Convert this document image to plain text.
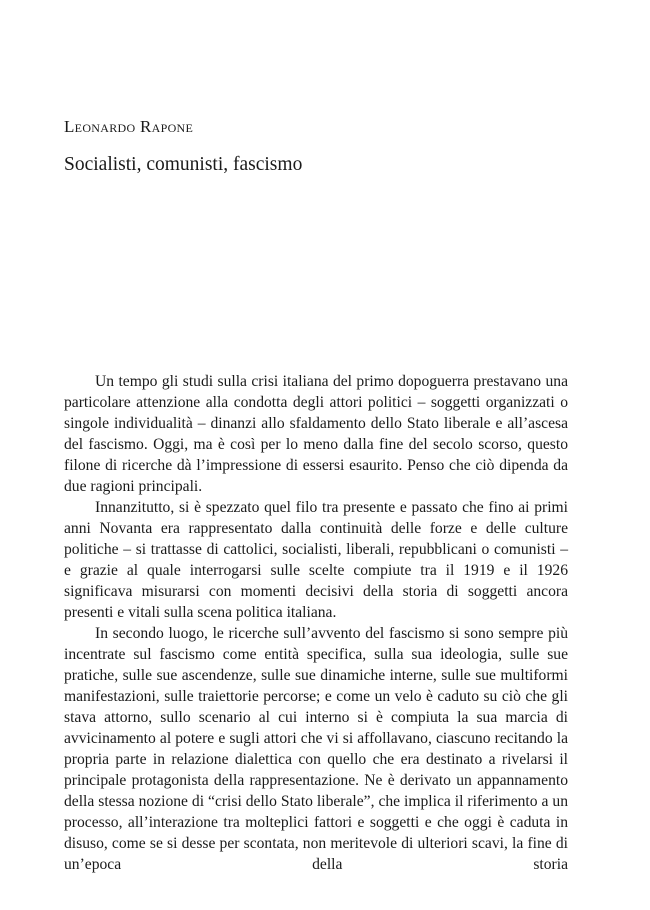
Leonardo Rapone
Socialisti, comunisti, fascismo

Un tempo gli studi sulla crisi italiana del primo dopoguerra prestavano una particolare attenzione alla condotta degli attori politici – soggetti organizzati o singole individualità – dinanzi allo sfaldamento dello Stato liberale e all’ascesa del fascismo. Oggi, ma è così per lo meno dalla fine del secolo scorso, questo filone di ricerche dà l’impressione di essersi esaurito. Penso che ciò dipenda da due ragioni principali.

Innanzitutto, si è spezzato quel filo tra presente e passato che fino ai primi anni Novanta era rappresentato dalla continuità delle forze e delle culture politiche – si trattasse di cattolici, socialisti, liberali, repubblicani o comunisti – e grazie al quale interrogarsi sulle scelte compiute tra il 1919 e il 1926 significava misurarsi con momenti decisivi della storia di soggetti ancora presenti e vitali sulla scena politica italiana.

In secondo luogo, le ricerche sull’avvento del fascismo si sono sempre più incentrate sul fascismo come entità specifica, sulla sua ideologia, sulle sue pratiche, sulle sue ascendenze, sulle sue dinamiche interne, sulle sue multiformi manifestazioni, sulle traiettorie percorse; e come un velo è caduto su ciò che gli stava attorno, sullo scenario al cui interno si è compiuta la sua marcia di avvicinamento al potere e sugli attori che vi si affollavano, ciascuno recitando la propria parte in relazione dialettica con quello che era destinato a rivelarsi il principale protagonista della rappresentazione. Ne è derivato un appannamento della stessa nozione di “crisi dello Stato liberale”, che implica il riferimento a un processo, all’interazione tra molteplici fattori e soggetti e che oggi è caduta in disuso, come se si desse per scontata, non meritevole di ulteriori scavi, la fine di un’epoca della storia
